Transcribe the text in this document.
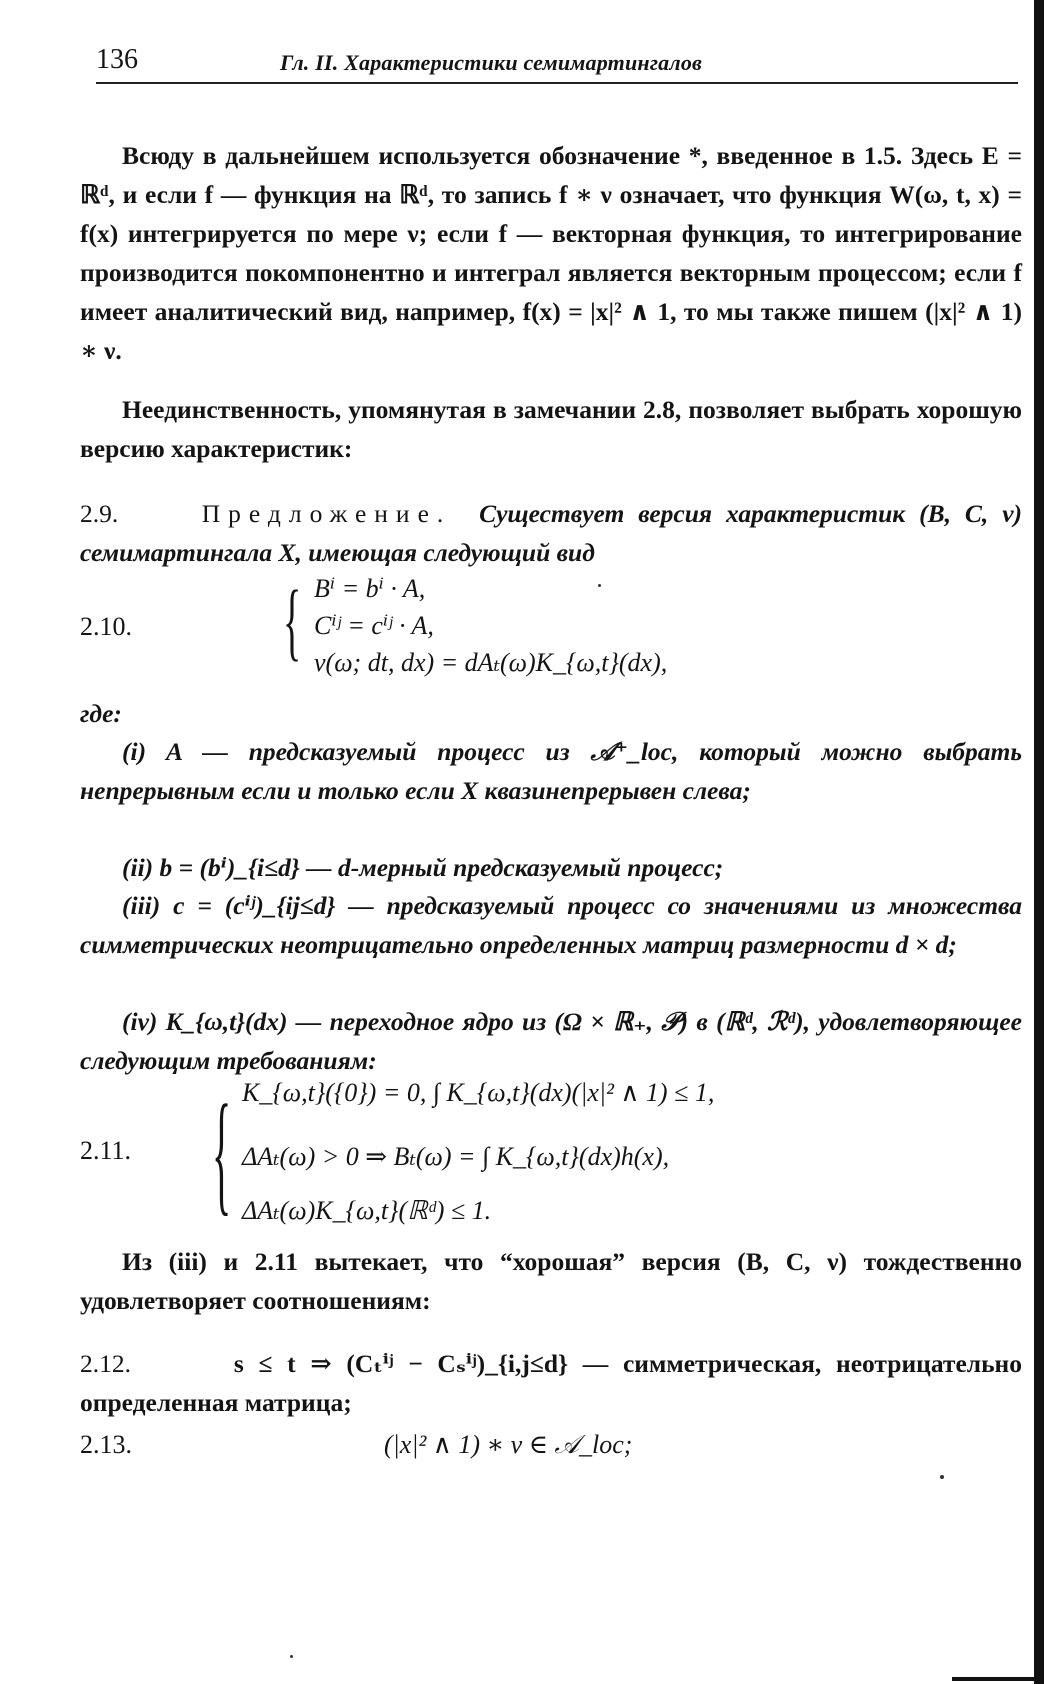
136	Гл. II. Характеристики семимартингалов
Всюду в дальнейшем используется обозначение *, введенное в 1.5. Здесь E = ℝᵈ, и если f — функция на ℝᵈ, то запись f ∗ ν означает, что функция W(ω, t, x) = f(x) интегрируется по мере ν; если f — векторная функция, то интегрирование производится покомпонентно и интеграл является векторным процессом; если f имеет аналитический вид, например, f(x) = |x|² ∧ 1, то мы также пишем (|x|² ∧ 1) ∗ ν.
Неединственность, упомянутая в замечании 2.8, позволяет выбрать хорошую версию характеристик:
2.9.	Предложение. Существует версия характеристик (B, C, ν) семимартингала X, имеющая следующий вид
2.10.	{ Bⁱ = bⁱ · A,
Cⁱʲ = cⁱʲ · A,
ν(ω; dt, dx) = dAₜ(ω)K_{ω,t}(dx),
где:
(i) A — предсказуемый процесс из 𝒜⁺_loc, который можно выбрать непрерывным если и только если X квазинепрерывен слева;
(ii) b = (bⁱ)_{i≤d} — d-мерный предсказуемый процесс;
(iii) c = (cⁱʲ)_{ij≤d} — предсказуемый процесс со значениями из множества симметрических неотрицательно определенных матриц размерности d × d;
(iv) K_{ω,t}(dx) — переходное ядро из (Ω × ℝ₊, 𝒫) в (ℝᵈ, ℛᵈ), удовлетворяющее следующим требованиям:
2.11. { K_{ω,t}({0}) = 0, ∫ K_{ω,t}(dx)(|x|² ∧ 1) ≤ 1,
ΔAₜ(ω) > 0 ⇒ Bₜ(ω) = ∫ K_{ω,t}(dx)h(x),
ΔAₜ(ω)K_{ω,t}(ℝᵈ) ≤ 1.
Из (iii) и 2.11 вытекает, что “хорошая” версия (B, C, ν) тождественно удовлетворяет соотношениям:
2.12.	s ≤ t ⇒ (Cₜⁱʲ − Cₛⁱʲ)_{i,j≤d} — симметрическая, неотрицательно определенная матрица;
2.13.	(|x|² ∧ 1) ∗ ν ∈ 𝒜_loc;
